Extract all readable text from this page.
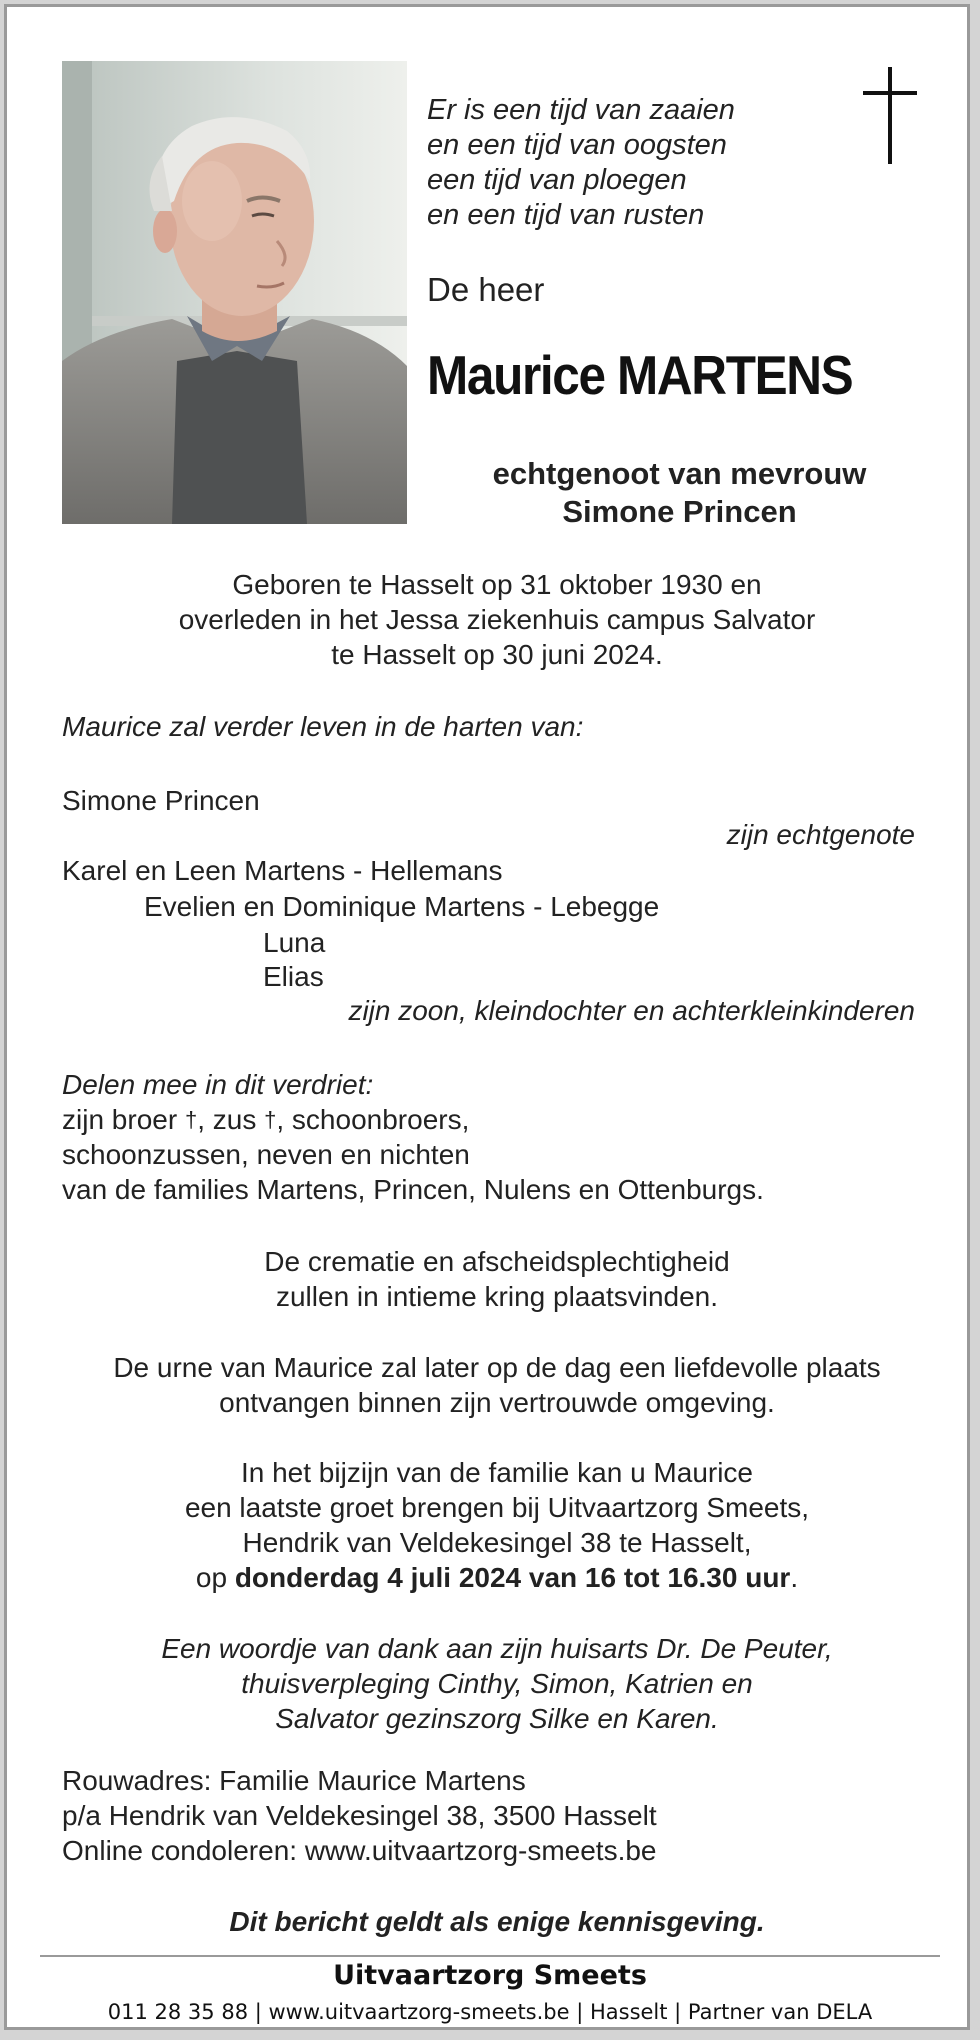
Er is een tijd van zaaien
en een tijd van oogsten
een tijd van ploegen
en een tijd van rusten
De heer
Maurice MARTENS
echtgenoot van mevrouw
Simone Princen
Geboren te Hasselt op 31 oktober 1930 en
overleden in het Jessa ziekenhuis campus Salvator
te Hasselt op 30 juni 2024.
Maurice zal verder leven in de harten van:
Simone Princen
zijn echtgenote
Karel en Leen Martens - Hellemans
Evelien en Dominique Martens - Lebegge
Luna
Elias
zijn zoon, kleindochter en achterkleinkinderen
Delen mee in dit verdriet:
zijn broer †, zus †, schoonbroers,
schoonzussen, neven en nichten
van de families Martens, Princen, Nulens en Ottenburgs.
De crematie en afscheidsplechtigheid
zullen in intieme kring plaatsvinden.
De urne van Maurice zal later op de dag een liefdevolle plaats
ontvangen binnen zijn vertrouwde omgeving.
In het bijzijn van de familie kan u Maurice
een laatste groet brengen bij Uitvaartzorg Smeets,
Hendrik van Veldekesingel 38 te Hasselt,
op donderdag 4 juli 2024 van 16 tot 16.30 uur.
Een woordje van dank aan zijn huisarts Dr. De Peuter,
thuisverpleging Cinthy, Simon, Katrien en
Salvator gezinszorg Silke en Karen.
Rouwadres: Familie Maurice Martens
p/a Hendrik van Veldekesingel 38, 3500 Hasselt
Online condoleren: www.uitvaartzorg-smeets.be
Dit bericht geldt als enige kennisgeving.
Uitvaartzorg Smeets
011 28 35 88 | www.uitvaartzorg-smeets.be | Hasselt | Partner van DELA
